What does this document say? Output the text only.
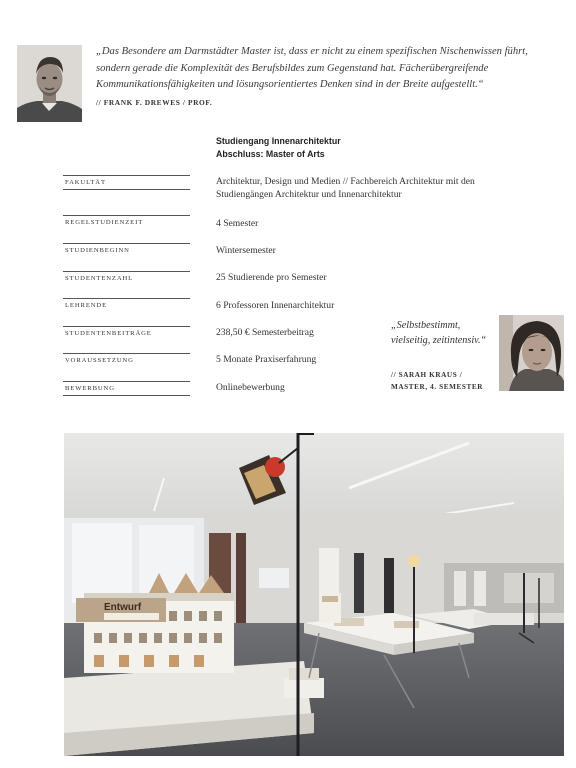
„Das Besondere am Darmstädter Master ist, dass er nicht zu einem spezifischen Nischenwissen führt, sondern gerade die Komplexität des Berufsbildes zum Gegenstand hat. Fächerübergreifende Kommunikationsfähigkeiten und lösungsorientiertes Denken sind in der Breite aufgestellt.“
// FRANK F. DREWES / PROF.
Studiengang Innenarchitektur
Abschluss: Master of Arts
FAKULTÄT	Architektur, Design und Medien // Fachbereich Architektur mit den Studiengängen Architektur und Innenarchitektur
REGELSTUDIENZEIT	4 Semester
STUDIENBEGINN	Wintersemester
STUDENTENZAHL	25 Studierende pro Semester
LEHRENDE	6 Professoren Innenarchitektur
STUDENTENBEITRÄGE	238,50 € Semesterbeitrag
VORAUSSETZUNG	5 Monate Praxiserfahrung
BEWERBUNG	Onlinebewerbung
„Selbstbestimmt, vielseitig, zeitintensiv.“
// SARAH KRAUS /
MASTER, 4. SEMESTER
Entwurf
